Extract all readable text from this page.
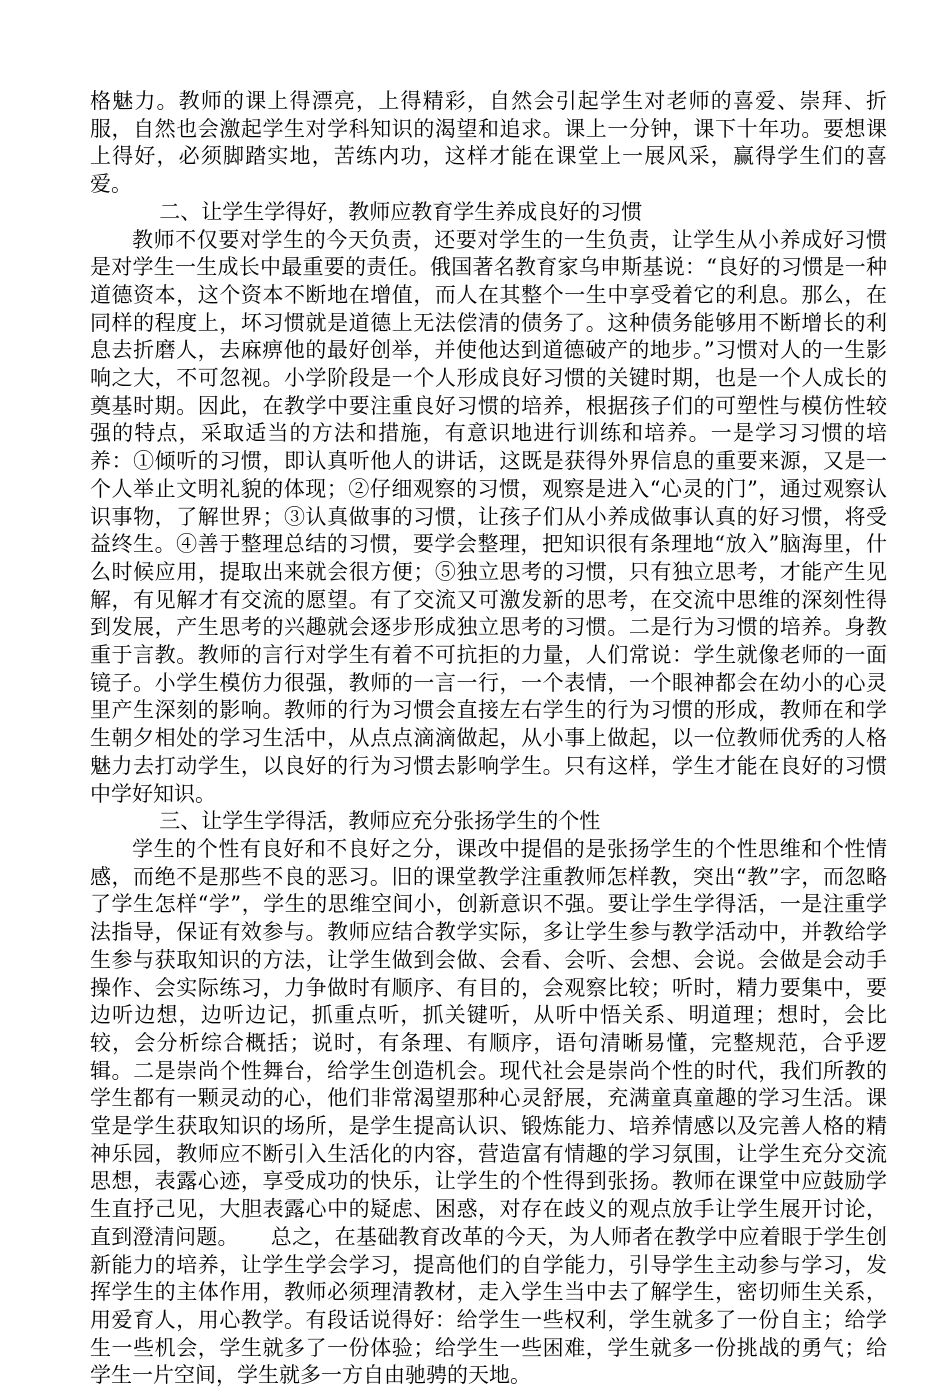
格魅力。教师的课上得漂亮，上得精彩，自然会引起学生对老师的喜爱、崇拜、折服，自然也会激起学生对学科知识的渴望和追求。课上一分钟，课下十年功。要想课上得好，必须脚踏实地，苦练内功，这样才能在课堂上一展风采，赢得学生们的喜爱。

二、让学生学得好，教师应教育学生养成良好的习惯

教师不仅要对学生的今天负责，还要对学生的一生负责，让学生从小养成好习惯是对学生一生成长中最重要的责任。俄国著名教育家乌申斯基说：“良好的习惯是一种道德资本，这个资本不断地在增值，而人在其整个一生中享受着它的利息。那么，在同样的程度上，坏习惯就是道德上无法偿清的债务了。这种债务能够用不断增长的利息去折磨人，去麻痹他的最好创举，并使他达到道德破产的地步。”习惯对人的一生影响之大，不可忽视。小学阶段是一个人形成良好习惯的关键时期，也是一个人成长的奠基时期。因此，在教学中要注重良好习惯的培养，根据孩子们的可塑性与模仿性较强的特点，采取适当的方法和措施，有意识地进行训练和培养。一是学习习惯的培养：①倾听的习惯，即认真听他人的讲话，这既是获得外界信息的重要来源，又是一个人举止文明礼貌的体现；②仔细观察的习惯，观察是进入“心灵的门”，通过观察认识事物，了解世界；③认真做事的习惯，让孩子们从小养成做事认真的好习惯，将受益终生。④善于整理总结的习惯，要学会整理，把知识很有条理地“放入”脑海里，什么时候应用，提取出来就会很方便；⑤独立思考的习惯，只有独立思考，才能产生见解，有见解才有交流的愿望。有了交流又可激发新的思考，在交流中思维的深刻性得到发展，产生思考的兴趣就会逐步形成独立思考的习惯。二是行为习惯的培养。身教重于言教。教师的言行对学生有着不可抗拒的力量，人们常说：学生就像老师的一面镜子。小学生模仿力很强，教师的一言一行，一个表情，一个眼神都会在幼小的心灵里产生深刻的影响。教师的行为习惯会直接左右学生的行为习惯的形成，教师在和学生朝夕相处的学习生活中，从点点滴滴做起，从小事上做起，以一位教师优秀的人格魅力去打动学生，以良好的行为习惯去影响学生。只有这样，学生才能在良好的习惯中学好知识。

三、让学生学得活，教师应充分张扬学生的个性

学生的个性有良好和不良好之分，课改中提倡的是张扬学生的个性思维和个性情感，而绝不是那些不良的恶习。旧的课堂教学注重教师怎样教，突出“教”字，而忽略了学生怎样“学”，学生的思维空间小，创新意识不强。要让学生学得活，一是注重学法指导，保证有效参与。教师应结合教学实际，多让学生参与教学活动中，并教给学生参与获取知识的方法，让学生做到会做、会看、会听、会想、会说。会做是会动手操作、会实际练习，力争做时有顺序、有目的，会观察比较；听时，精力要集中，要边听边想，边听边记，抓重点听，抓关键听，从听中悟关系、明道理；想时，会比较，会分析综合概括；说时，有条理、有顺序，语句清晰易懂，完整规范，合乎逻辑。二是崇尚个性舞台，给学生创造机会。现代社会是崇尚个性的时代，我们所教的学生都有一颗灵动的心，他们非常渴望那种心灵舒展，充满童真童趣的学习生活。课堂是学生获取知识的场所，是学生提高认识、锻炼能力、培养情感以及完善人格的精神乐园，教师应不断引入生活化的内容，营造富有情趣的学习氛围，让学生充分交流思想，表露心迹，享受成功的快乐，让学生的个性得到张扬。教师在课堂中应鼓励学生直抒己见，大胆表露心中的疑虑、困惑，对存在歧义的观点放手让学生展开讨论，直到澄清问题。　　总之，在基础教育改革的今天，为人师者在教学中应着眼于学生创新能力的培养，让学生学会学习，提高他们的自学能力，引导学生主动参与学习，发挥学生的主体作用，教师必须理清教材，走入学生当中去了解学生，密切师生关系，用爱育人，用心教学。有段话说得好：给学生一些权利，学生就多了一份自主；给学生一些机会，学生就多了一份体验；给学生一些困难，学生就多一份挑战的勇气；给学生一片空间，学生就多一方自由驰骋的天地。
